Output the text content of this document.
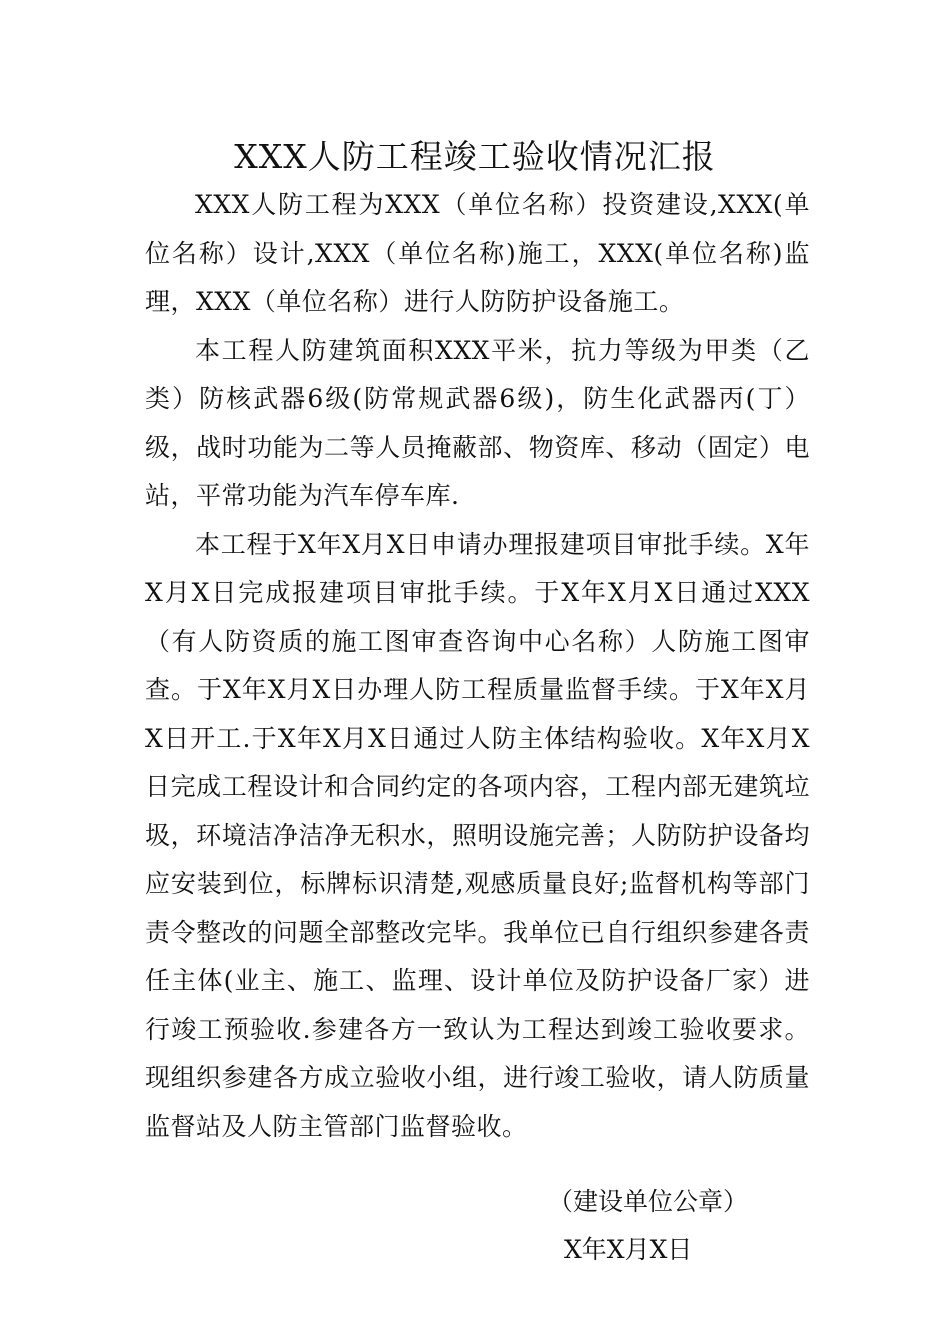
XXX人防工程竣工验收情况汇报

XXX人防工程为XXX（单位名称）投资建设,XXX(单位名称）设计,XXX（单位名称)施工，XXX(单位名称)监理，XXX（单位名称）进行人防防护设备施工。

本工程人防建筑面积XXX平米，抗力等级为甲类（乙类）防核武器6级(防常规武器6级)，防生化武器丙(丁）级，战时功能为二等人员掩蔽部、物资库、移动（固定）电站，平常功能为汽车停车库.

本工程于X年X月X日申请办理报建项目审批手续。X年X月X日完成报建项目审批手续。于X年X月X日通过XXX（有人防资质的施工图审查咨询中心名称）人防施工图审查。于X年X月X日办理人防工程质量监督手续。于X年X月X日开工.于X年X月X日通过人防主体结构验收。X年X月X日完成工程设计和合同约定的各项内容，工程内部无建筑垃圾，环境洁净洁净无积水，照明设施完善；人防防护设备均应安装到位，标牌标识清楚,观感质量良好;监督机构等部门责令整改的问题全部整改完毕。我单位已自行组织参建各责任主体(业主、施工、监理、设计单位及防护设备厂家）进行竣工预验收.参建各方一致认为工程达到竣工验收要求。现组织参建各方成立验收小组，进行竣工验收，请人防质量监督站及人防主管部门监督验收。

（建设单位公章）

X年X月X日
